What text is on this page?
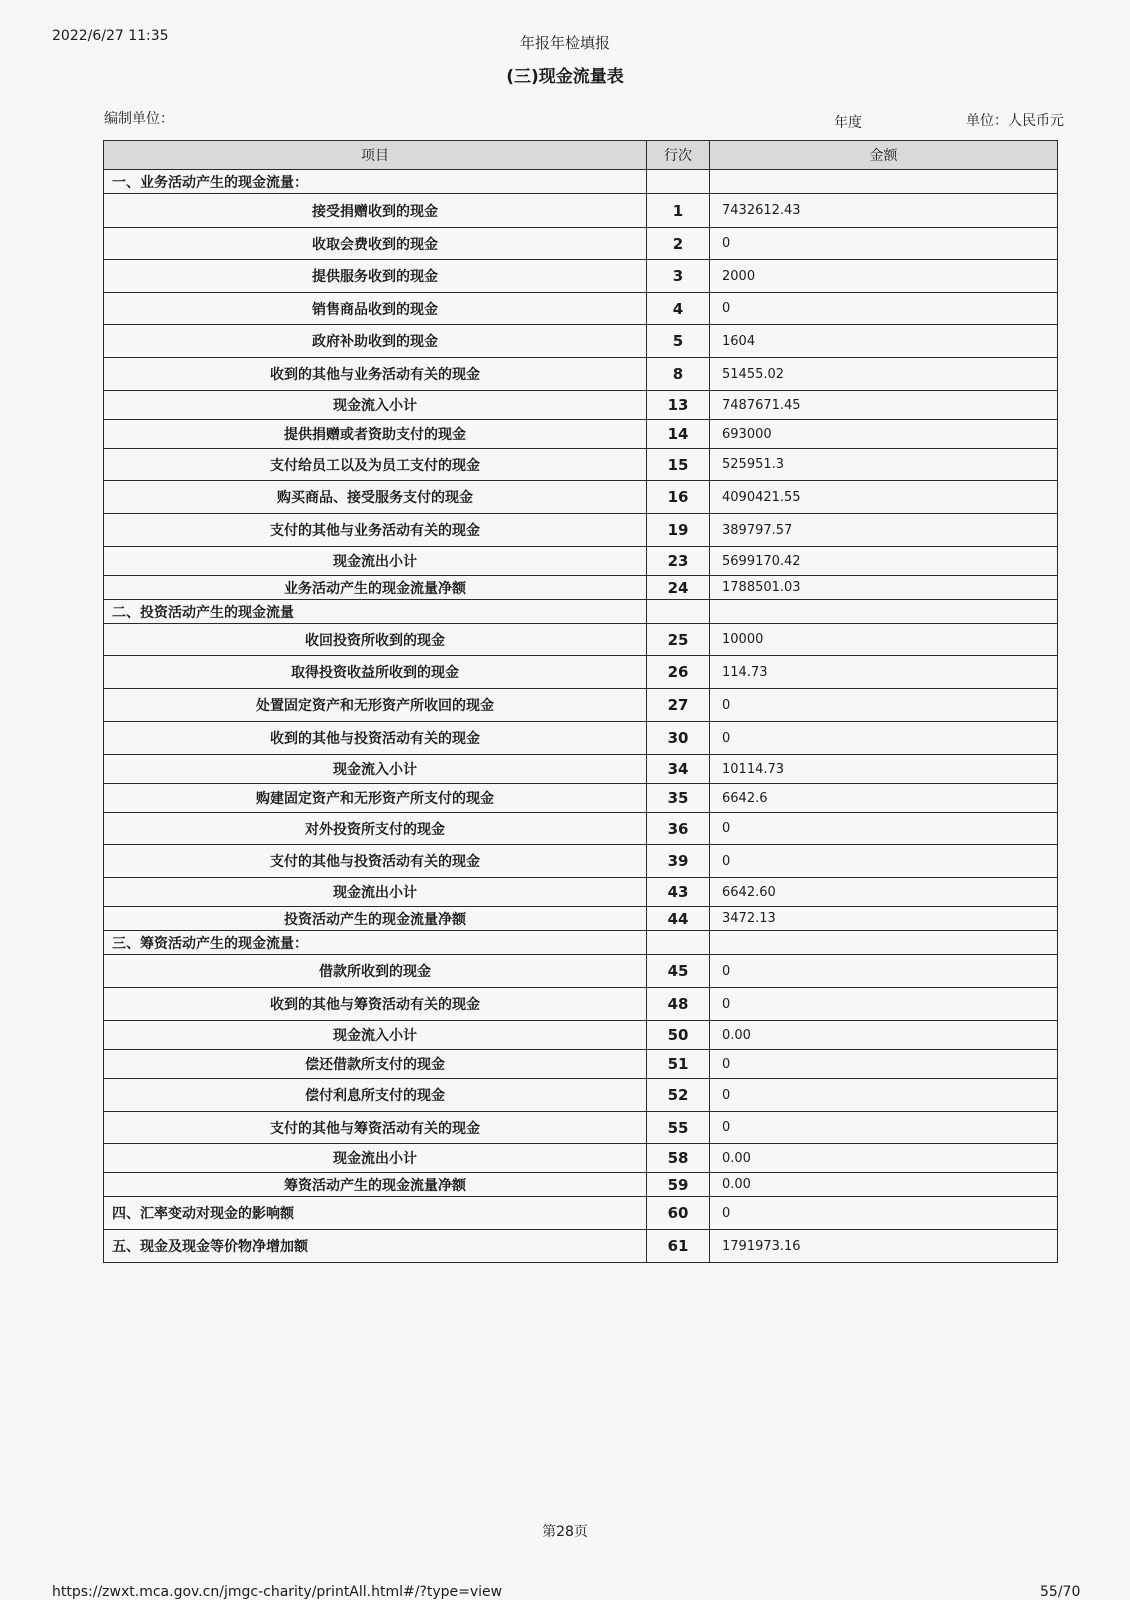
2022/6/27 11:35	年报年检填报
(三)现金流量表
编制单位：	年度	单位：人民币元
项目	行次	金额
一、业务活动产生的现金流量：		
接受捐赠收到的现金	1	7432612.43
收取会费收到的现金	2	0
提供服务收到的现金	3	2000
销售商品收到的现金	4	0
政府补助收到的现金	5	1604
收到的其他与业务活动有关的现金	8	51455.02
现金流入小计	13	7487671.45
提供捐赠或者资助支付的现金	14	693000
支付给员工以及为员工支付的现金	15	525951.3
购买商品、接受服务支付的现金	16	4090421.55
支付的其他与业务活动有关的现金	19	389797.57
现金流出小计	23	5699170.42
业务活动产生的现金流量净额	24	1788501.03
二、投资活动产生的现金流量		
收回投资所收到的现金	25	10000
取得投资收益所收到的现金	26	114.73
处置固定资产和无形资产所收回的现金	27	0
收到的其他与投资活动有关的现金	30	0
现金流入小计	34	10114.73
购建固定资产和无形资产所支付的现金	35	6642.6
对外投资所支付的现金	36	0
支付的其他与投资活动有关的现金	39	0
现金流出小计	43	6642.60
投资活动产生的现金流量净额	44	3472.13
三、筹资活动产生的现金流量：		
借款所收到的现金	45	0
收到的其他与筹资活动有关的现金	48	0
现金流入小计	50	0.00
偿还借款所支付的现金	51	0
偿付利息所支付的现金	52	0
支付的其他与筹资活动有关的现金	55	0
现金流出小计	58	0.00
筹资活动产生的现金流量净额	59	0.00
四、汇率变动对现金的影响额	60	0
五、现金及现金等价物净增加额	61	1791973.16
第28页
https://zwxt.mca.gov.cn/jmgc-charity/printAll.html#/?type=view	55/70
